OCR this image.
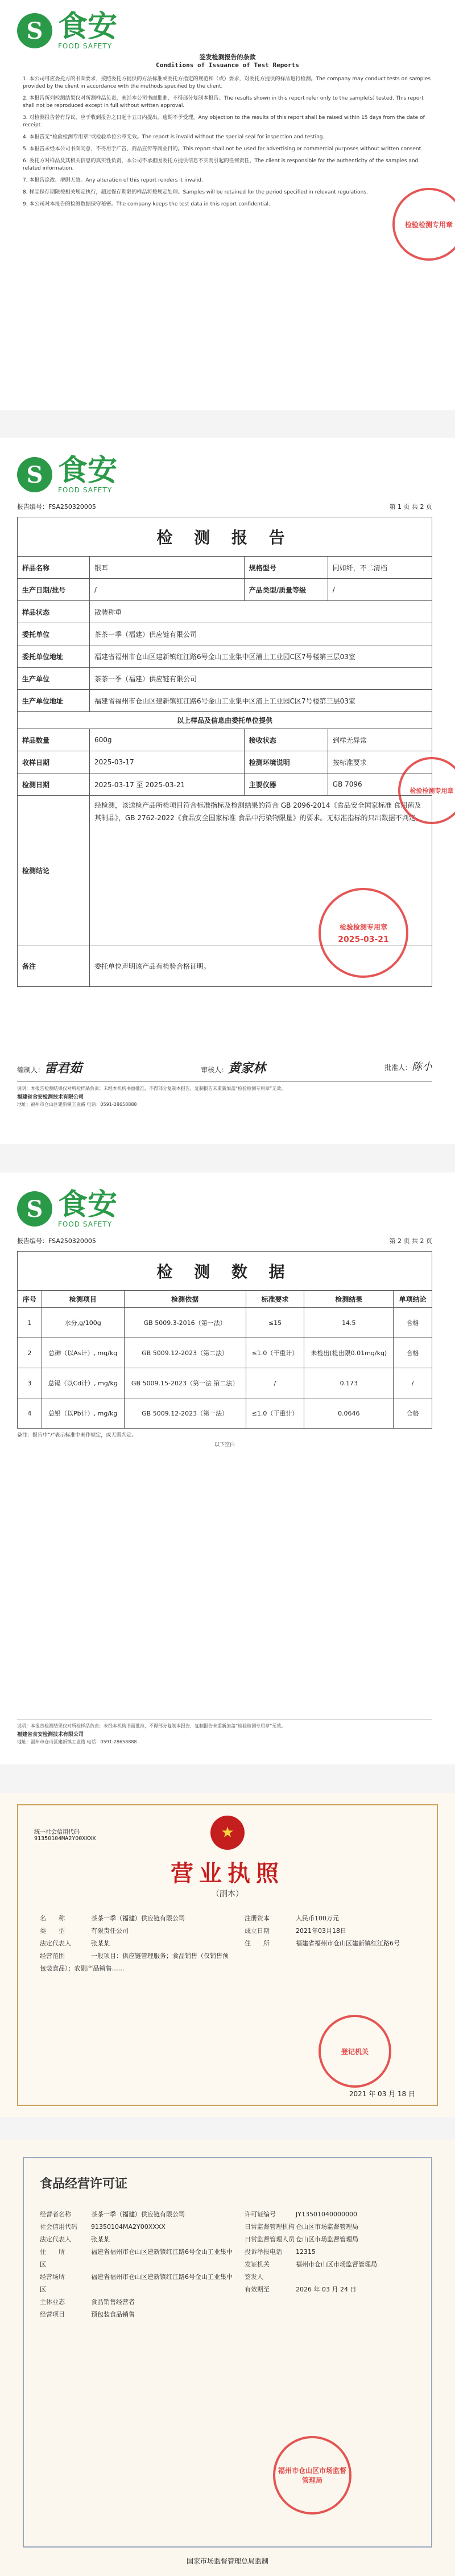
S 食安
FOOD SAFETY
签发检测报告的条款
Conditions of Issuance of Test Reports
1. 本公司可应委托方的书面要求，按照委托方提供的方法标准或委托方指定的规范和（或）要求，对委托方提供的样品进行检测。The company may conduct tests on samples provided by the client in accordance with the methods specified by the client.
2. 本报告所列检测结果仅对所测样品负责，未经本公司书面批准，不得部分复制本报告。The results shown in this report refer only to the sample(s) tested. This report shall not be reproduced except in full without written approval.
3. 对检测报告若有异议，应于收到报告之日起十五日内提出，逾期不予受理。Any objection to the results of this report shall be raised within 15 days from the date of receipt.
4. 本报告无“检验检测专用章”或检验单位公章无效。The report is invalid without the special seal for inspection and testing.
5. 本报告未经本公司书面同意，不得用于广告、商品宣传等商业目的。This report shall not be used for advertising or commercial purposes without written consent.
6. 委托方对样品及其相关信息的真实性负责，本公司不承担因委托方提供信息不实而引起的任何责任。The client is responsible for the authenticity of the samples and related information.
7. 本报告涂改、增删无效。Any alteration of this report renders it invalid.
8. 样品保存期限按相关规定执行，超过保存期限的样品将按规定处理。Samples will be retained for the period specified in relevant regulations.
9. 本公司对本报告的检测数据保守秘密。The company keeps the test data in this report confidential.
检验检测专用章
S 食安
FOOD SAFETY
报告编号：FSA250320005	第 1 页 共 2 页
检 测 报 告			
样品名称	银耳	规格型号	同如纤，不二清档
生产日期/批号	/	产品类型/质量等级	/
样品状态	散装称重		
委托单位	茶茶一季（福建）供应链有限公司		
委托单位地址	福建省福州市仓山区建新镇红江路6号金山工业集中区浦上工业园C区7号楼第三层03室		
生产单位	茶茶一季（福建）供应链有限公司		
生产单位地址	福建省福州市仓山区建新镇红江路6号金山工业集中区浦上工业园C区7号楼第三层03室		
以上样品及信息由委托单位提供			
样品数量	600g	接收状态	到样无异常
收样日期	2025-03-17	检测环境说明	按标准要求
检测日期	2025-03-17 至 2025-03-21	主要仪器	GB 7096
检测结论	经检测，该送检产品所检项目符合标准指标及检测结果的符合 GB 2096-2014《食品安全国家标准 食用菌及其制品》，GB 2762-2022《食品安全国家标准 食品中污染物限量》的要求。无标准指标的只出数据不判定。		
备注	委托单位声明该产品有检验合格证明。		
检验检测专用章
2025-03-21
检验检测专用章
编制人：雷君茹	审核人：黄家林	批准人：陈小
说明：本报告检测结果仅对所检样品负责；未经本机构书面批准，不得部分复制本报告，复制报告未重新加盖“检验检测专用章”无效。
福建省食安检测技术有限公司
地址：福州市仓山区建新镇工业路 电话：0591-28658888
S 食安
FOOD SAFETY
报告编号：FSA250320005	第 2 页 共 2 页
检 测 数 据					
序号	检测项目	检测依据	标准要求	检测结果	单项结论
1	水分,g/100g	GB 5009.3-2016（第一法）	≤15	14.5	合格
2	总砷（以As计）, mg/kg	GB 5009.12-2023（第二法）	≤1.0（干重计）	未检出(检出限0.01mg/kg)	合格
3	总镉（以Cd计）, mg/kg	GB 5009.15-2023（第一法 第二法）	/	0.173	/
4	总铅（以Pb计）, mg/kg	GB 5009.12-2023（第一法）	≤1.0（干重计）	0.0646	合格
备注：报告中“/”表示标准中未作规定，或无需判定。
以下空白
说明：本报告检测结果仅对所检样品负责；未经本机构书面批准，不得部分复制本报告，复制报告未重新加盖“检验检测专用章”无效。
福建省食安检测技术有限公司
地址：福州市仓山区建新镇工业路 电话：0591-28658888
统一社会信用代码
91350104MA2Y00XXXX	★
营业执照
（副本）
名　　称	茶茶一季（福建）供应链有限公司
类　　型	有限责任公司
法定代表人	张某某
经营范围	一般项目：供应链管理服务；食品销售（仅销售预包装食品）；农副产品销售……
注册资本	人民币100万元
成立日期	2021年03月18日
住　　所	福建省福州市仓山区建新镇红江路6号
登记机关
2021 年 03 月 18 日
食品经营许可证
经营者名称	茶茶一季（福建）供应链有限公司
社会信用代码 91350104MA2Y00XXXX
法定代表人	张某某
住　　所	福建省福州市仓山区建新镇红江路6号金山工业集中区
经营场所	福建省福州市仓山区建新镇红江路6号金山工业集中区
主体业态	食品销售经营者
经营项目	预包装食品销售
许可证编号	JY13501040000000
日常监督管理机构 仓山区市场监督管理局
日常监督管理人员 仓山区市场监督管理局
投诉举报电话 12315
发证机关	福州市仓山区市场监督管理局
签发人
有效期至	2026 年 03 月 24 日
福州市仓山区市场监督管理局
国家市场监督管理总局监制
